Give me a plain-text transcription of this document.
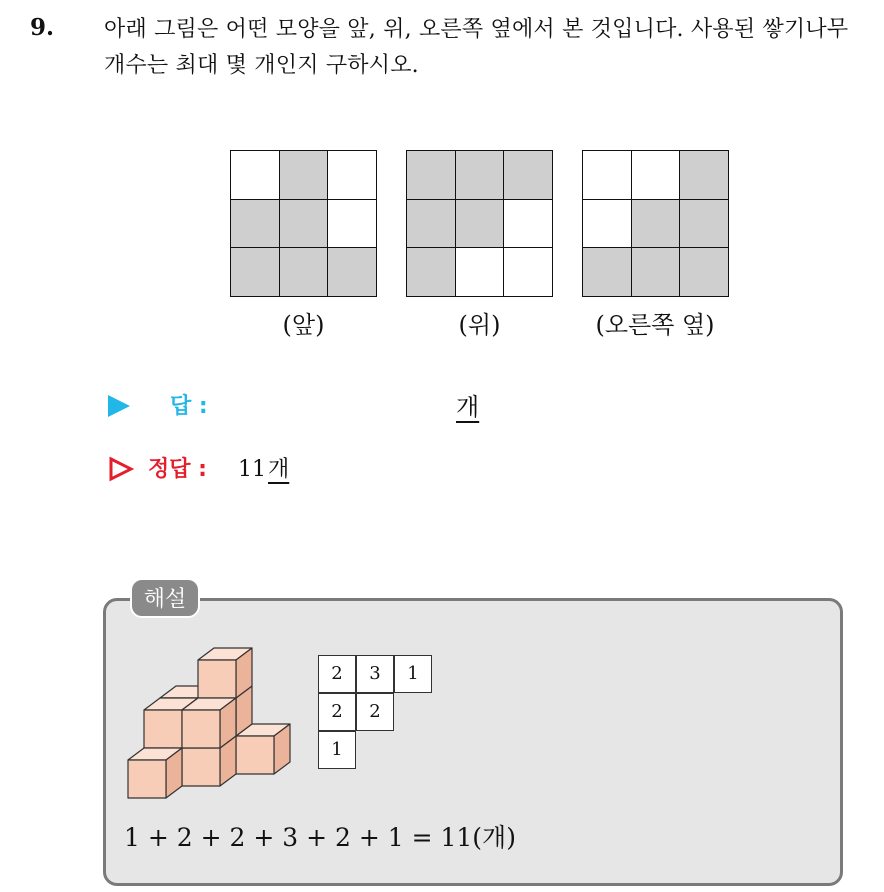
9. 아래 그림은 어떤 모양을 앞, 위, 오른쪽 옆에서 본 것입니다. 사용된 쌓기나무 개수는 최대 몇 개인지 구하시오.
(앞)	(위)	(오른쪽 옆)
답 :	개
정답 : 11개
해설
2	3	1
2	2
1
1 + 2 + 2 + 3 + 2 + 1 = 11(개)
